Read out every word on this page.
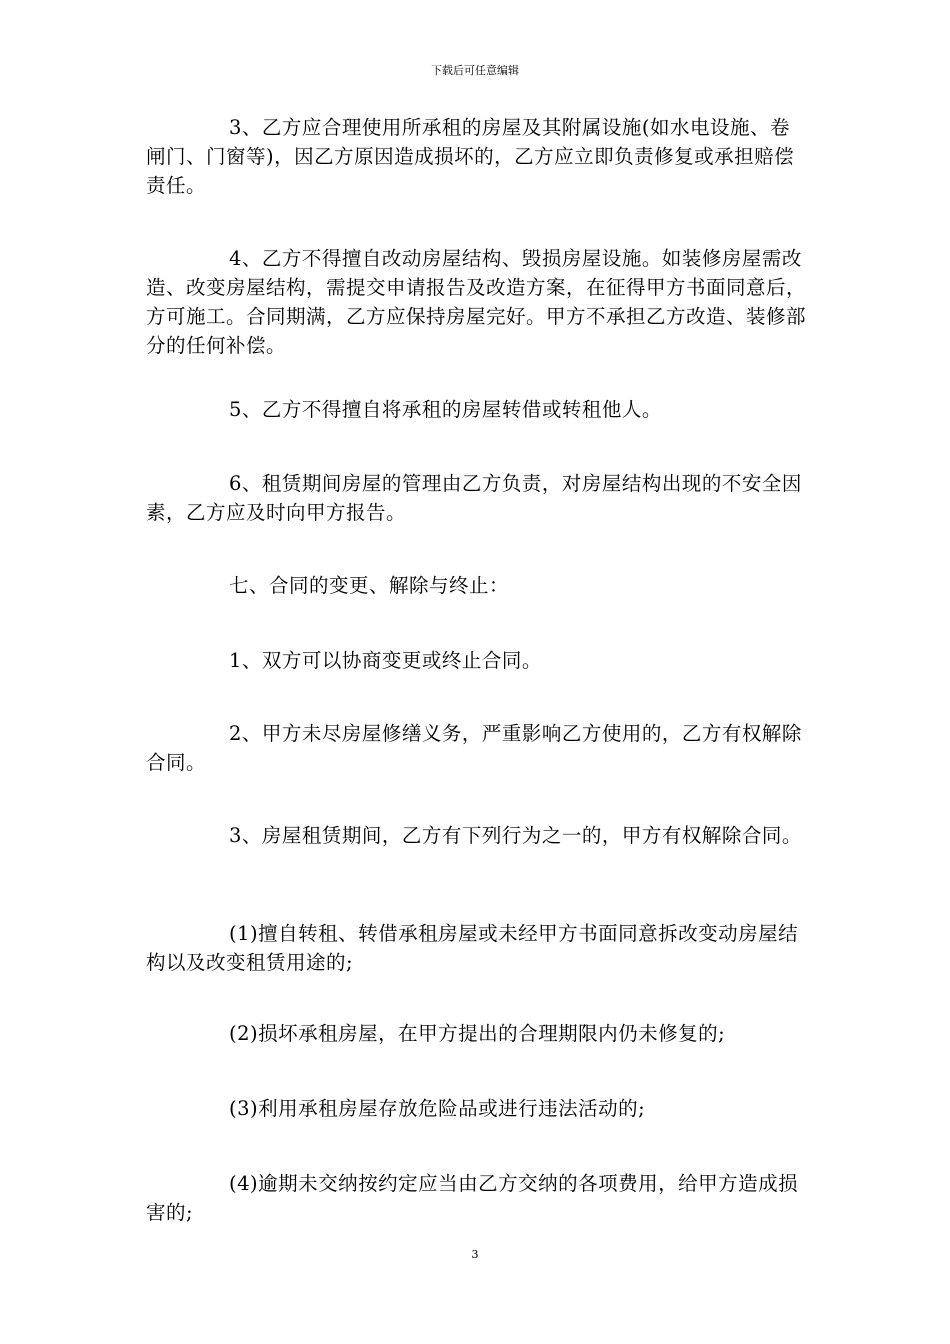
下载后可任意编辑

3、乙方应合理使用所承租的房屋及其附属设施(如水电设施、卷闸门、门窗等)，因乙方原因造成损坏的，乙方应立即负责修复或承担赔偿责任。

4、乙方不得擅自改动房屋结构、毁损房屋设施。如装修房屋需改造、改变房屋结构，需提交申请报告及改造方案，在征得甲方书面同意后，方可施工。合同期满，乙方应保持房屋完好。甲方不承担乙方改造、装修部分的任何补偿。

5、乙方不得擅自将承租的房屋转借或转租他人。

6、租赁期间房屋的管理由乙方负责，对房屋结构出现的不安全因素，乙方应及时向甲方报告。

七、合同的变更、解除与终止：

1、双方可以协商变更或终止合同。

2、甲方未尽房屋修缮义务，严重影响乙方使用的，乙方有权解除合同。

3、房屋租赁期间，乙方有下列行为之一的，甲方有权解除合同。

(1)擅自转租、转借承租房屋或未经甲方书面同意拆改变动房屋结构以及改变租赁用途的;

(2)损坏承租房屋，在甲方提出的合理期限内仍未修复的;

(3)利用承租房屋存放危险品或进行违法活动的;

(4)逾期未交纳按约定应当由乙方交纳的各项费用，给甲方造成损害的;

3
